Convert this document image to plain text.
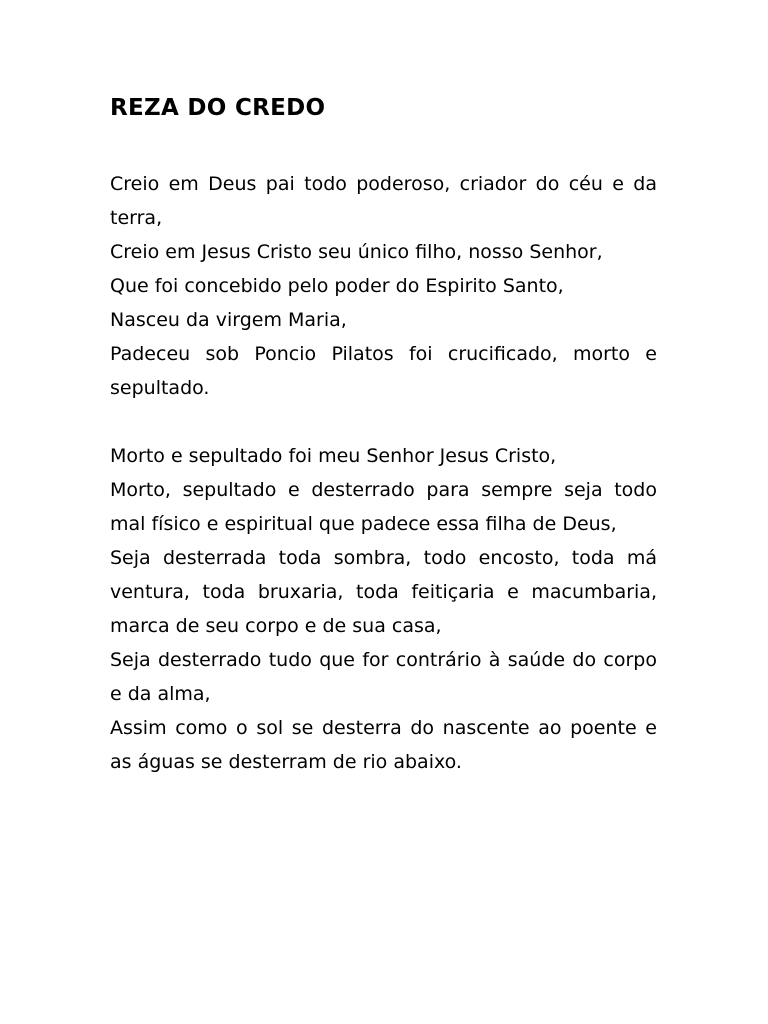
REZA DO CREDO
Creio em Deus pai todo poderoso, criador do céu e da terra,
Creio em Jesus Cristo seu único filho, nosso Senhor,
Que foi concebido pelo poder do Espirito Santo,
Nasceu da virgem Maria,
Padeceu sob Poncio Pilatos foi crucificado, morto e sepultado.
Morto e sepultado foi meu Senhor Jesus Cristo,
Morto, sepultado e desterrado para sempre seja todo mal físico e espiritual que padece essa filha de Deus,
Seja desterrada toda sombra, todo encosto, toda má ventura, toda bruxaria, toda feitiçaria e macumbaria, marca de seu corpo e de sua casa,
Seja desterrado tudo que for contrário à saúde do corpo e da alma,
Assim como o sol se desterra do nascente ao poente e as águas se desterram de rio abaixo.
